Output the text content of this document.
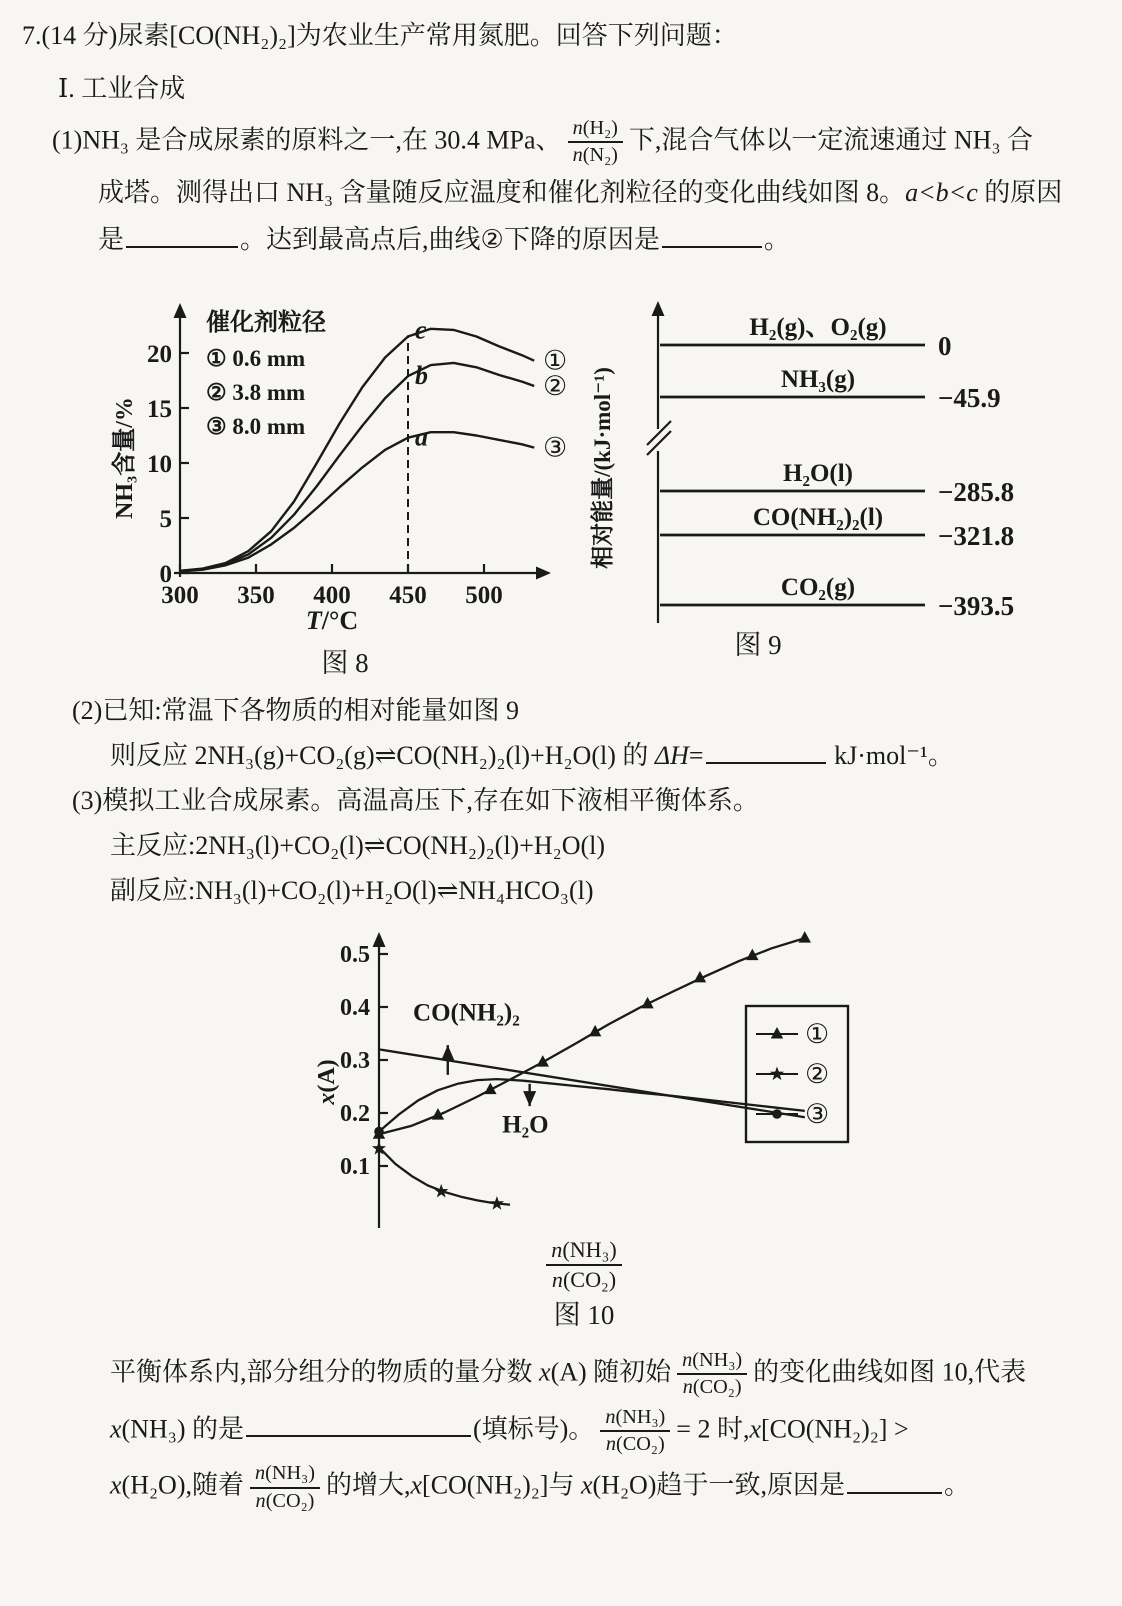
7.(14 分)尿素[CO(NH₂)₂]为农业生产常用氮肥。回答下列问题：
Ⅰ. 工业合成
(1)NH₃ 是合成尿素的原料之一,在 30.4 MPa、 $\frac{\text{n(H₂)}}{\text{n(N₂)}}$ 下,混合气体以一定流速通过 NH₃ 合
成塔。测得出口 NH₃ 含量随反应温度和催化剂粒径的变化曲线如图 8。a<b<c 的原因
是	。达到最高点后,曲线②下降的原因是	。
0
5
10
15
20
300 350 400 450 500
c
b
a
①
②
③
催化剂粒径
① 0.6 mm
② 3.8 mm
③ 8.0 mm
NH₃含量/%
T/°C
图 8
H₂(g)、O₂(g)
0
NH₃(g)
−45.9
H₂O(l)
−285.8
CO(NH₂)₂(l)
−321.8
CO₂(g)
−393.5
相对能量/(kJ·mol⁻¹)
图 9
(2)已知:常温下各物质的相对能量如图 9
则反应 2NH₃(g)+CO₂(g)⇌CO(NH₂)₂(l)+H₂O(l) 的 ΔH=	kJ·mol⁻¹。
(3)模拟工业合成尿素。高温高压下,存在如下液相平衡体系。
主反应:2NH₃(l)+CO₂(l)⇌CO(NH₂)₂(l)+H₂O(l)
副反应:NH₃(l)+CO₂(l)+H₂O(l)⇌NH₄HCO₃(l)
0.1
0.2
0.3
0.4
0.5
CO(NH₂)₂
H₂O
①
②
③
x(A)
$\frac{\text{n(NH₃)}}{\text{n(CO₂)}}$
图 10
平衡体系内,部分组分的物质的量分数 x(A) 随初始 $\frac{\text{n(NH₃)}}{\text{n(CO₂)}}$ 的变化曲线如图 10,代表
x(NH₃) 的是	(填标号)。 $\frac{\text{n(NH₃)}}{\text{n(CO₂)}} = 2$ 时,x[CO(NH₂)₂] >
x(H₂O),随着 $\frac{\text{n(NH₃)}}{\text{n(CO₂)}}$ 的增大,x[CO(NH₂)₂]与 x(H₂O)趋于一致,原因是	。
